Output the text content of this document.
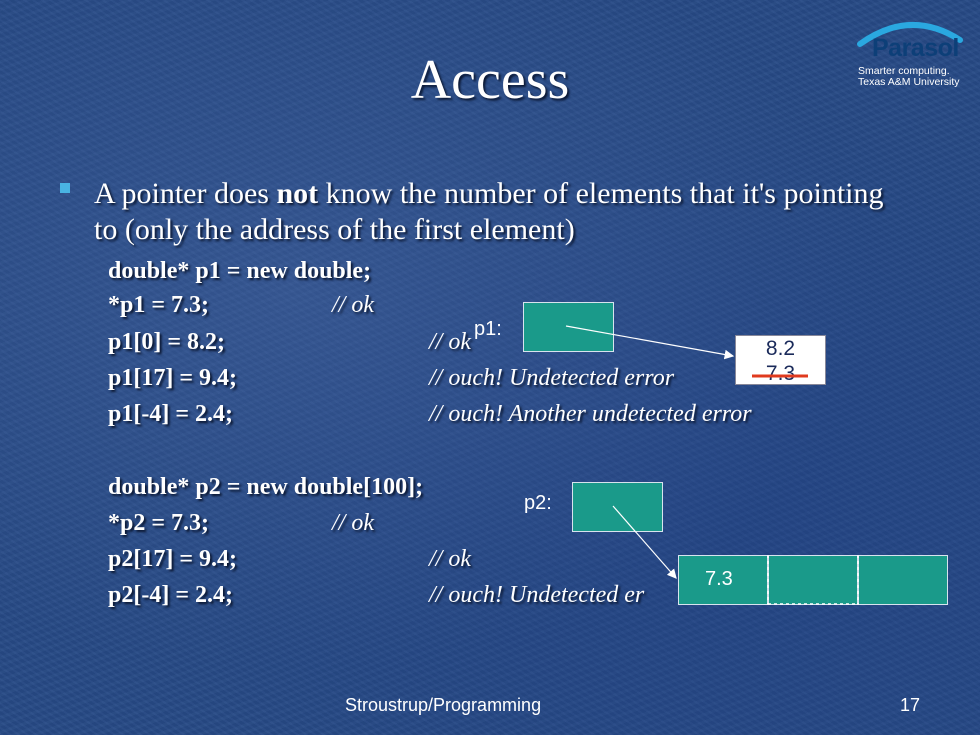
Access
Parasol
Smarter computing.
Texas A&M University
A pointer does not know the number of elements that it's pointing to (only the address of the first element)
double* p1 = new double;
*p1 = 7.3;	// ok
p1[0] = 8.2;	// ok
p1[17] = 9.4;	// ouch! Undetected error
p1[-4] = 2.4;	// ouch! Another undetected error
double* p2 = new double[100];
*p2 = 7.3;	// ok
p2[17] = 9.4;	// ok
p2[-4] = 2.4;	// ouch! Undetected er
p1:
8.2
7.3
p2:
7.3
Stroustrup/Programming	17
